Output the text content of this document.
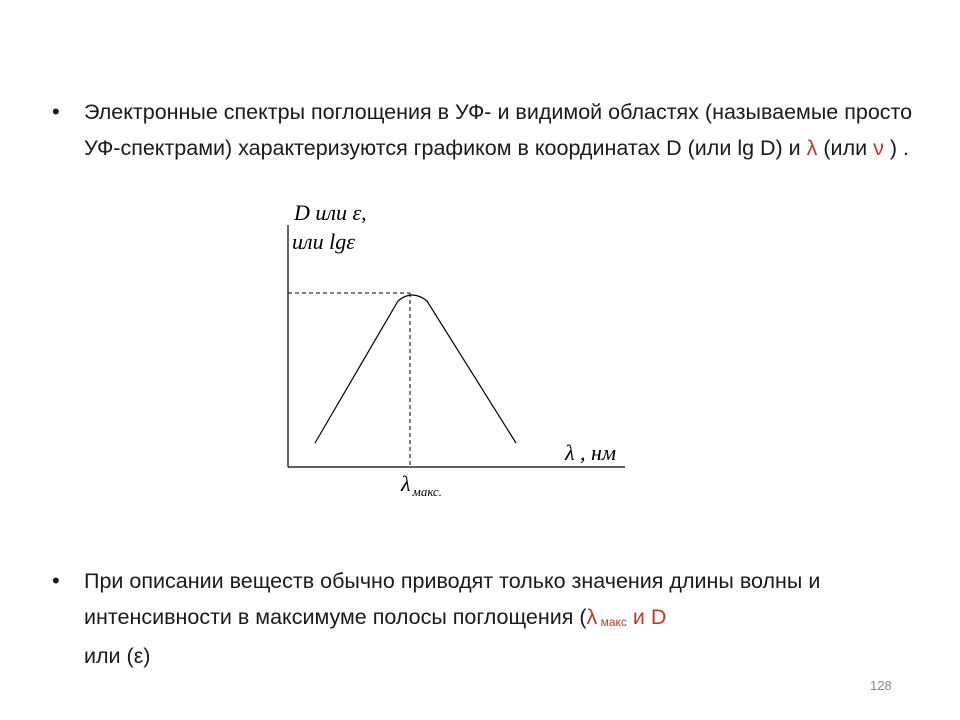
• Электронные спектры поглощения в УФ- и видимой областях (называемые просто УФ-спектрами) характеризуются графиком в координатах D (или lg D) и λ (или ν ) .
D или ε,
или lgε
λ , нм
λ $_{макс.}$
• При описании веществ обычно приводят только значения длины волны и интенсивности в максимуме полосы поглощения (λ макс и D
или (ε)
128
